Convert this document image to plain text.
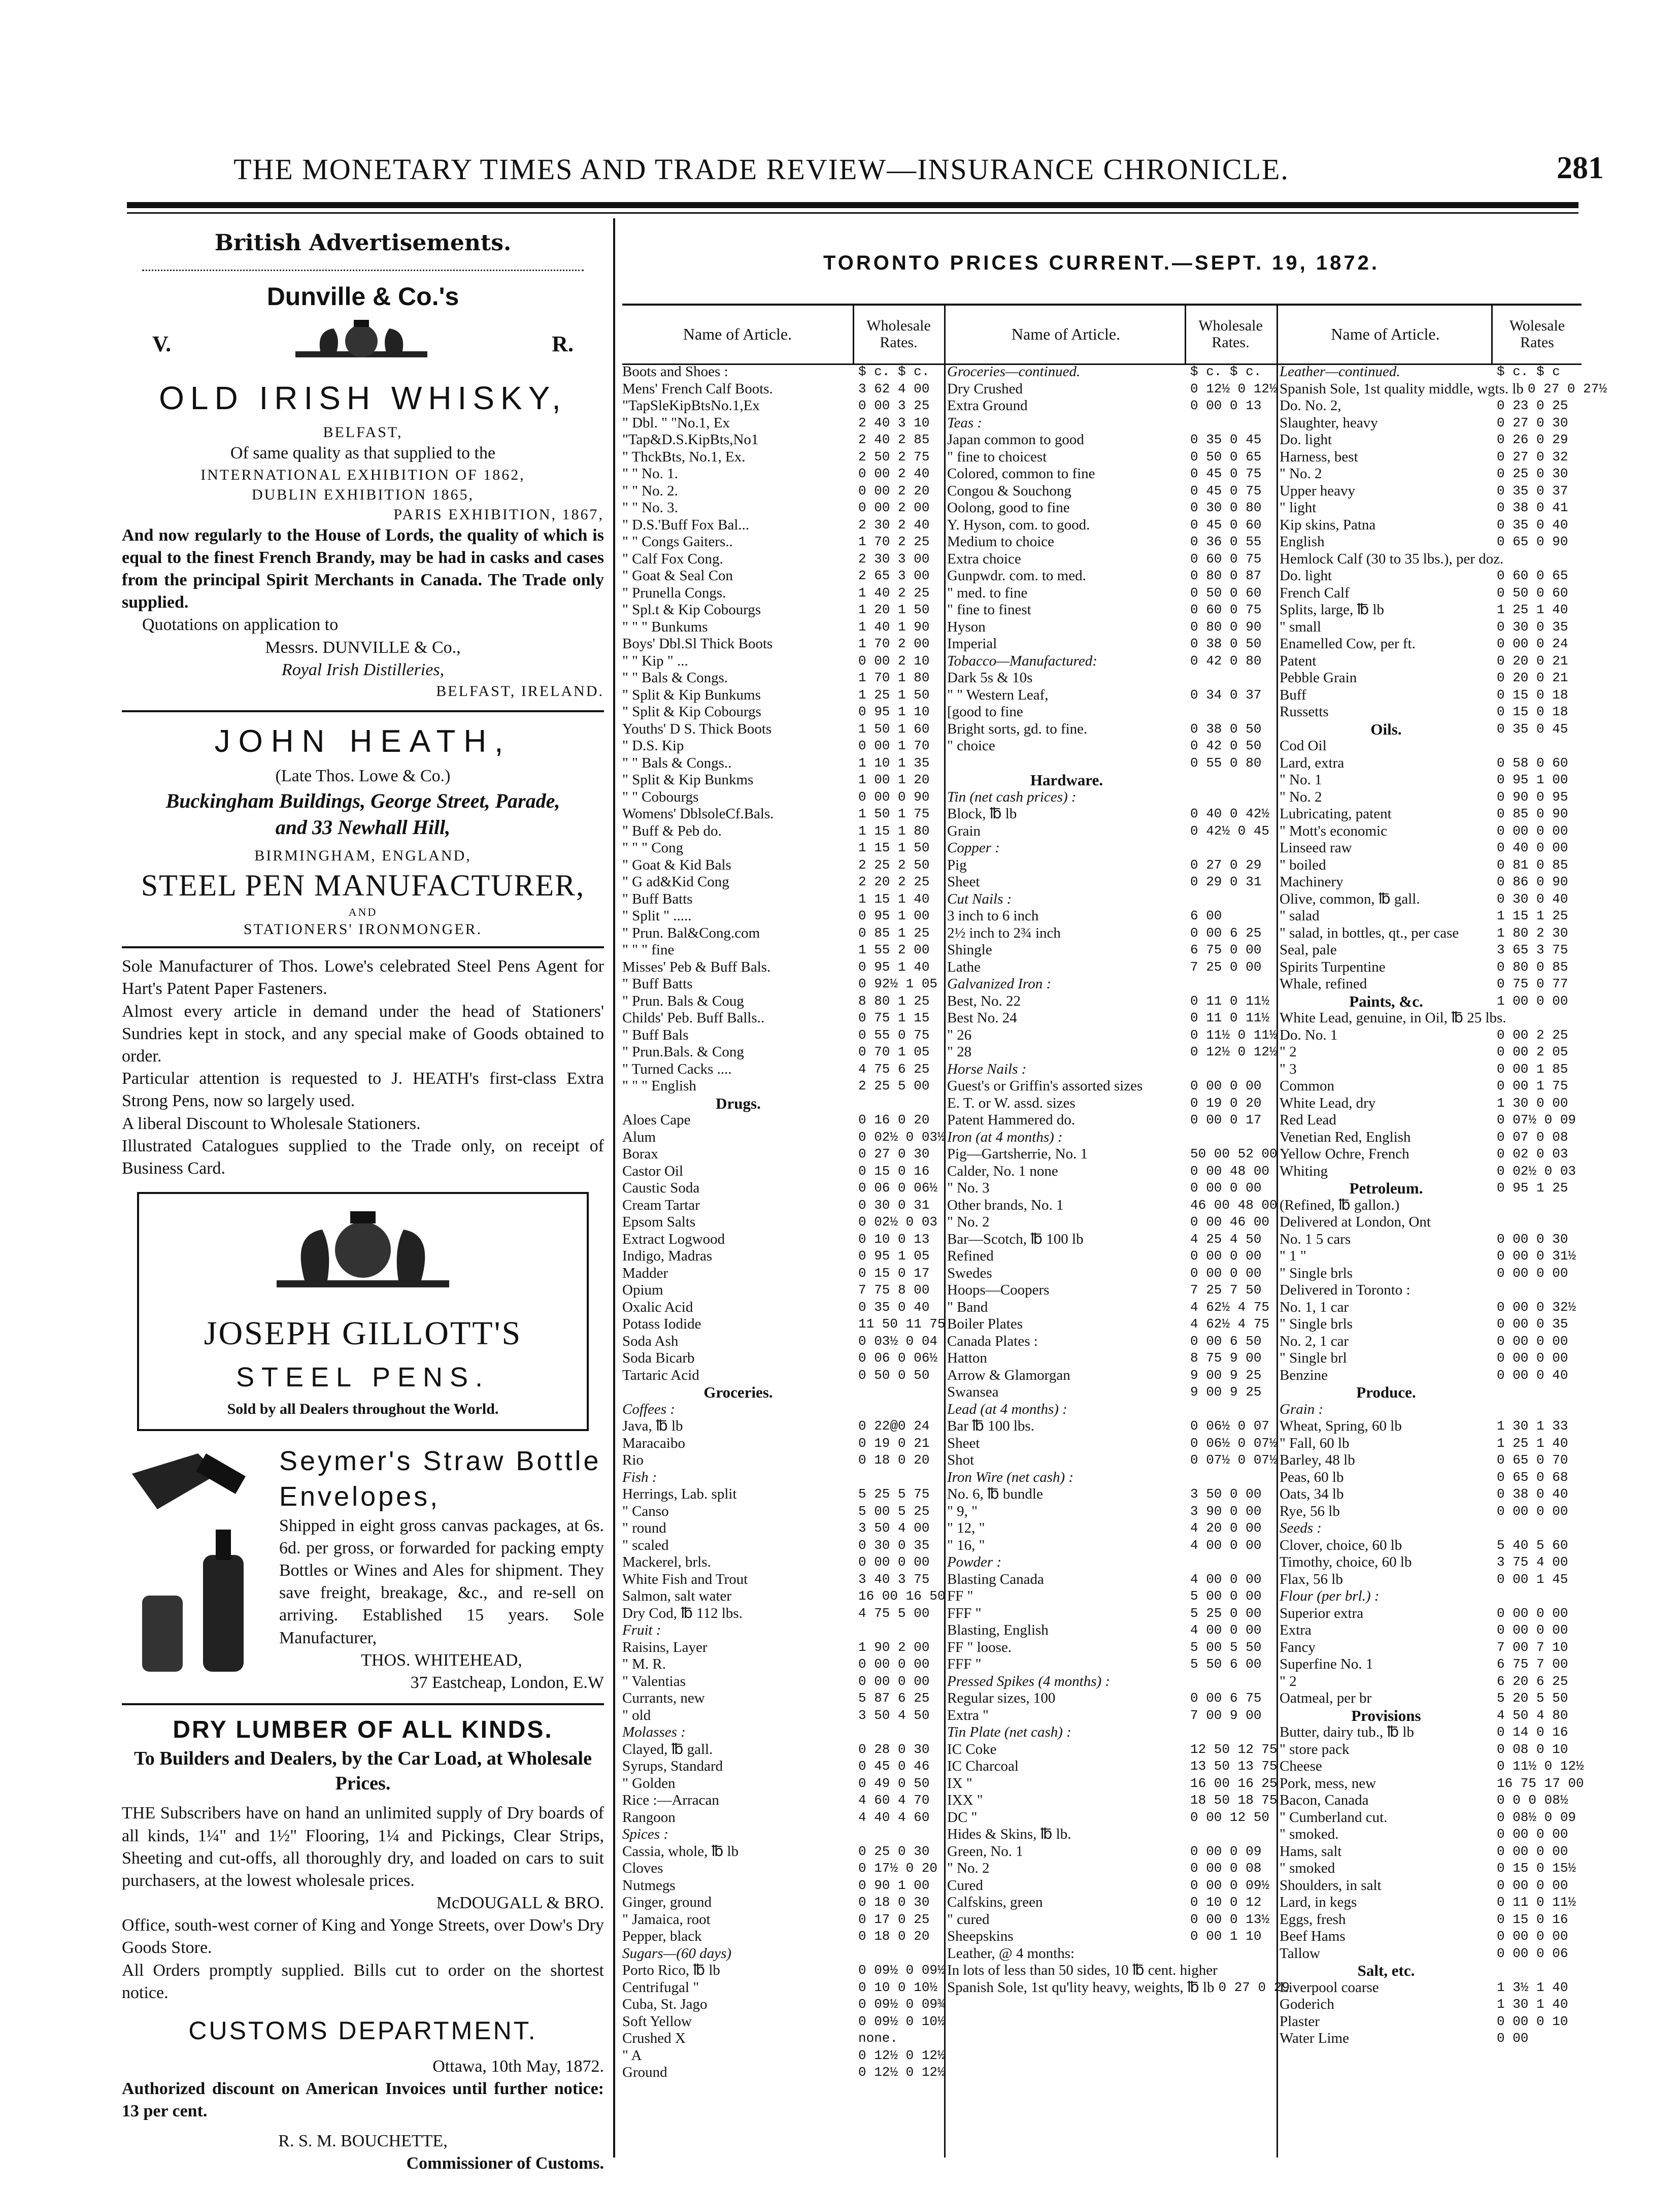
THE MONETARY TIMES AND TRADE REVIEW—INSURANCE CHRONICLE.	281
British Advertisements.
Dunville & Co.'s
V.	R.
OLD IRISH WHISKY,
BELFAST,
Of same quality as that supplied to the
INTERNATIONAL EXHIBITION OF 1862,
DUBLIN EXHIBITION 1865,
PARIS EXHIBITION, 1867,
And now regularly to the House of Lords, the quality of which is equal to the finest French Brandy, may be had in casks and cases from the principal Spirit Merchants in Canada. The Trade only supplied.
Quotations on application to
Messrs. DUNVILLE & Co.,
Royal Irish Distilleries,
BELFAST, IRELAND.
JOHN HEATH,
(Late Thos. Lowe & Co.)
Buckingham Buildings, George Street, Parade,
and 33 Newhall Hill,
BIRMINGHAM, ENGLAND,
STEEL PEN MANUFACTURER,
AND
STATIONERS' IRONMONGER.
Sole Manufacturer of Thos. Lowe's celebrated Steel Pens Agent for Hart's Patent Paper Fasteners.
Almost every article in demand under the head of Stationers' Sundries kept in stock, and any special make of Goods obtained to order.
Particular attention is requested to J. HEATH's first-class Extra Strong Pens, now so largely used.
A liberal Discount to Wholesale Stationers.
Illustrated Catalogues supplied to the Trade only, on receipt of Business Card.
JOSEPH GILLOTT'S
STEEL PENS.
Sold by all Dealers throughout the World.
Seymer's Straw Bottle
Envelopes,
Shipped in eight gross canvas packages, at 6s. 6d. per gross, or forwarded for packing empty Bottles or Wines and Ales for shipment. They save freight, breakage, &c., and re-sell on arriving. Established 15 years. Sole Manufacturer,
THOS. WHITEHEAD,
37 Eastcheap, London, E.W
DRY LUMBER OF ALL KINDS.
To Builders and Dealers, by the Car Load, at Wholesale Prices.
THE Subscribers have on hand an unlimited supply of Dry boards of all kinds, 1¼" and 1½" Flooring, 1¼ and Pickings, Clear Strips, Sheeting and cut-offs, all thoroughly dry, and loaded on cars to suit purchasers, at the lowest wholesale prices.
McDOUGALL & BRO.
Office, south-west corner of King and Yonge Streets, over Dow's Dry Goods Store.
All Orders promptly supplied. Bills cut to order on the shortest notice.
CUSTOMS DEPARTMENT.
Ottawa, 10th May, 1872.
Authorized discount on American Invoices until further notice: 13 per cent.
R. S. M. BOUCHETTE,
Commissioner of Customs.
TORONTO PRICES CURRENT.—SEPT. 19, 1872.
Name of Article.	Wholesale Rates.
Boots and Shoes :	$ c. $ c.
Mens' French Calf Boots.	3 62 4 00
"TapSleKipBtsNo.1,Ex	0 00 3 25
" Dbl. " "No.1, Ex	2 40 3 10
"Tap&D.S.KipBts,No1	2 40 2 85
" ThckBts, No.1, Ex.	2 50 2 75
" " No. 1.	0 00 2 40
" " No. 2.	0 00 2 20
" " No. 3.	0 00 2 00
" D.S.'Buff Fox Bal...	2 30 2 40
" " Congs Gaiters..	1 70 2 25
" Calf Fox Cong.	2 30 3 00
" Goat & Seal Con	2 65 3 00
" Prunella Congs.	1 40 2 25
" Spl.t & Kip Cobourgs	1 20 1 50
" " " Bunkums	1 40 1 90
Boys' Dbl.Sl Thick Boots	1 70 2 00
" " Kip " ...	0 00 2 10
" " Bals & Congs.	1 70 1 80
" Split & Kip Bunkums	1 25 1 50
" Split & Kip Cobourgs	0 95 1 10
Youths' D S. Thick Boots	1 50 1 60
" D.S. Kip	0 00 1 70
" " Bals & Congs..	1 10 1 35
" Split & Kip Bunkms	1 00 1 20
" " Cobourgs	0 00 0 90
Womens' DblsoleCf.Bals.	1 50 1 75
" Buff & Peb do.	1 15 1 80
" " " Cong	1 15 1 50
" Goat & Kid Bals	2 25 2 50
" G ad&Kid Cong	2 20 2 25
" Buff Batts	1 15 1 40
" Split " .....	0 95 1 00
" Prun. Bal&Cong.com	0 85 1 25
" " " fine	1 55 2 00
Misses' Peb & Buff Bals.	0 95 1 40
" Buff Batts	0 92½ 1 05
" Prun. Bals & Coug	8 80 1 25
Childs' Peb. Buff Balls..	0 75 1 15
" Buff Bals	0 55 0 75
" Prun.Bals. & Cong	0 70 1 05
" Turned Cacks ....	4 75 6 25
" " " English	2 25 5 00
Drugs.
Aloes Cape	0 16 0 20
Alum	0 02½ 0 03½
Borax	0 27 0 30
Castor Oil	0 15 0 16
Caustic Soda	0 06 0 06½
Cream Tartar	0 30 0 31
Epsom Salts	0 02½ 0 03
Extract Logwood	0 10 0 13
Indigo, Madras	0 95 1 05
Madder	0 15 0 17
Opium	7 75 8 00
Oxalic Acid	0 35 0 40
Potass Iodide	11 50 11 75
Soda Ash	0 03½ 0 04
Soda Bicarb	0 06 0 06½
Tartaric Acid	0 50 0 50
Groceries.
Coffees :
Java, ℔ lb	0 22@0 24
Maracaibo	0 19 0 21
Rio	0 18 0 20
Fish :
Herrings, Lab. split	5 25 5 75
" Canso	5 00 5 25
" round	3 50 4 00
" scaled	0 30 0 35
Mackerel, brls.	0 00 0 00
White Fish and Trout	3 40 3 75
Salmon, salt water	16 00 16 50
Dry Cod, ℔ 112 lbs.	4 75 5 00
Fruit :
Raisins, Layer	1 90 2 00
" M. R.	0 00 0 00
" Valentias	0 00 0 00
Currants, new	5 87 6 25
" old	3 50 4 50
Molasses :
Clayed, ℔ gall.	0 28 0 30
Syrups, Standard	0 45 0 46
" Golden	0 49 0 50
Rice :—Arracan	4 60 4 70
Rangoon	4 40 4 60
Spices :
Cassia, whole, ℔ lb	0 25 0 30
Cloves	0 17½ 0 20
Nutmegs	0 90 1 00
Ginger, ground	0 18 0 30
" Jamaica, root	0 17 0 25
Pepper, black	0 18 0 20
Sugars—(60 days)
Porto Rico, ℔ lb	0 09½ 0 09½
Centrifugal "	0 10 0 10½
Cuba, St. Jago	0 09½ 0 09¾
Soft Yellow	0 09½ 0 10½
Crushed X	none.
" A	0 12½ 0 12½
Ground	0 12½ 0 12½
Name of Article.	Wholesale Rates.
Groceries—continued.	$ c. $ c.
Dry Crushed	0 12½ 0 12½
Extra Ground	0 00 0 13
Teas :
Japan common to good	0 35 0 45
" fine to choicest	0 50 0 65
Colored, common to fine	0 45 0 75
Congou & Souchong	0 45 0 75
Oolong, good to fine	0 30 0 80
Y. Hyson, com. to good.	0 45 0 60
Medium to choice	0 36 0 55
Extra choice	0 60 0 75
Gunpwdr. com. to med.	0 80 0 87
" med. to fine	0 50 0 60
" fine to finest	0 60 0 75
Hyson	0 80 0 90
Imperial	0 38 0 50
Tobacco—Manufactured:	0 42 0 80
Dark 5s & 10s
" " Western Leaf,	0 34 0 37
[good to fine
Bright sorts, gd. to fine.	0 38 0 50
" choice	0 42 0 50
0 55 0 80
Hardware.
Tin (net cash prices) :
Block, ℔ lb	0 40 0 42½
Grain	0 42½ 0 45
Copper :
Pig	0 27 0 29
Sheet	0 29 0 31
Cut Nails :
3 inch to 6 inch	6 00
2½ inch to 2¾ inch	0 00 6 25
Shingle	6 75 0 00
Lathe	7 25 0 00
Galvanized Iron :
Best, No. 22	0 11 0 11½
Best No. 24	0 11 0 11½
" 26	0 11½ 0 11½
" 28	0 12½ 0 12½
Horse Nails :
Guest's or Griffin's assorted sizes	0 00 0 00
E. T. or W. assd. sizes	0 19 0 20
Patent Hammered do.	0 00 0 17
Iron (at 4 months) :
Pig—Gartsherrie, No. 1	50 00 52 00
Calder, No. 1 none	0 00 48 00
" No. 3	0 00 0 00
Other brands, No. 1	46 00 48 00
" No. 2	0 00 46 00
Bar—Scotch, ℔ 100 lb	4 25 4 50
Refined	0 00 0 00
Swedes	0 00 0 00
Hoops—Coopers	7 25 7 50
" Band	4 62½ 4 75
Boiler Plates	4 62½ 4 75
Canada Plates :	0 00 6 50
Hatton	8 75 9 00
Arrow & Glamorgan	9 00 9 25
Swansea	9 00 9 25
Lead (at 4 months) :
Bar ℔ 100 lbs.	0 06½ 0 07
Sheet	0 06½ 0 07½
Shot	0 07½ 0 07½
Iron Wire (net cash) :
No. 6, ℔ bundle	3 50 0 00
" 9, "	3 90 0 00
" 12, "	4 20 0 00
" 16, "	4 00 0 00
Powder :
Blasting Canada	4 00 0 00
FF "	5 00 0 00
FFF "	5 25 0 00
Blasting, English	4 00 0 00
FF " loose.	5 00 5 50
FFF "	5 50 6 00
Pressed Spikes (4 months) :
Regular sizes, 100	0 00 6 75
Extra "	7 00 9 00
Tin Plate (net cash) :
IC Coke	12 50 12 75
IC Charcoal	13 50 13 75
IX "	16 00 16 25
IXX "	18 50 18 75
DC "	0 00 12 50
Hides & Skins, ℔ lb.
Green, No. 1	0 00 0 09
" No. 2	0 00 0 08
Cured	0 00 0 09½
Calfskins, green	0 10 0 12
" cured	0 00 0 13½
Sheepskins	0 00 1 10
Leather, @ 4 months:
In lots of less than 50 sides, 10 ℔ cent. higher
Spanish Sole, 1st qu'lity heavy, weights, ℔ lb 0 27 0 29
Name of Article.	Wolesale Rates
Leather—continued.	$ c. $ c
Spanish Sole, 1st quality middle, wgts. lb 0 27 0 27½
Do. No. 2,	0 23 0 25
Slaughter, heavy	0 27 0 30
Do. light	0 26 0 29
Harness, best	0 27 0 32
" No. 2	0 25 0 30
Upper heavy	0 35 0 37
" light	0 38 0 41
Kip skins, Patna	0 35 0 40
English	0 65 0 90
Hemlock Calf (30 to 35 lbs.), per doz.
Do. light	0 60 0 65
French Calf	0 50 0 60
Splits, large, ℔ lb	1 25 1 40
" small	0 30 0 35
Enamelled Cow, per ft.	0 00 0 24
Patent	0 20 0 21
Pebble Grain	0 20 0 21
Buff	0 15 0 18
Russetts	0 15 0 18
Oils.	0 35 0 45
Cod Oil
Lard, extra	0 58 0 60
" No. 1	0 95 1 00
" No. 2	0 90 0 95
Lubricating, patent	0 85 0 90
" Mott's economic	0 00 0 00
Linseed raw	0 40 0 00
" boiled	0 81 0 85
Machinery	0 86 0 90
Olive, common, ℔ gall.	0 30 0 40
" salad	1 15 1 25
" salad, in bottles, qt., per case	1 80 2 30
Seal, pale	3 65 3 75
Spirits Turpentine	0 80 0 85
Whale, refined	0 75 0 77
Paints, &c.	1 00 0 00
White Lead, genuine, in Oil, ℔ 25 lbs.
Do. No. 1	0 00 2 25
" 2	0 00 2 05
" 3	0 00 1 85
Common	0 00 1 75
White Lead, dry	1 30 0 00
Red Lead	0 07½ 0 09
Venetian Red, English	0 07 0 08
Yellow Ochre, French	0 02 0 03
Whiting	0 02½ 0 03
Petroleum.	0 95 1 25
(Refined, ℔ gallon.)
Delivered at London, Ont
No. 1 5 cars	0 00 0 30
" 1 "	0 00 0 31½
" Single brls	0 00 0 00
Delivered in Toronto :
No. 1, 1 car	0 00 0 32½
" Single brls	0 00 0 35
No. 2, 1 car	0 00 0 00
" Single brl	0 00 0 00
Benzine	0 00 0 40
Produce.
Grain :
Wheat, Spring, 60 lb	1 30 1 33
" Fall, 60 lb	1 25 1 40
Barley, 48 lb	0 65 0 70
Peas, 60 lb	0 65 0 68
Oats, 34 lb	0 38 0 40
Rye, 56 lb	0 00 0 00
Seeds :
Clover, choice, 60 lb	5 40 5 60
Timothy, choice, 60 lb	3 75 4 00
Flax, 56 lb	0 00 1 45
Flour (per brl.) :
Superior extra	0 00 0 00
Extra	0 00 0 00
Fancy	7 00 7 10
Superfine No. 1	6 75 7 00
" 2	6 20 6 25
Oatmeal, per br	5 20 5 50
Provisions	4 50 4 80
Butter, dairy tub., ℔ lb	0 14 0 16
" store pack	0 08 0 10
Cheese	0 11½ 0 12½
Pork, mess, new	16 75 17 00
Bacon, Canada	0 0 0 08½
" Cumberland cut.	0 08½ 0 09
" smoked.	0 00 0 00
Hams, salt	0 00 0 00
" smoked	0 15 0 15½
Shoulders, in salt	0 00 0 00
Lard, in kegs	0 11 0 11½
Eggs, fresh	0 15 0 16
Beef Hams	0 00 0 00
Tallow	0 00 0 06
Salt, etc.
Liverpool coarse	1 3½ 1 40
Goderich	1 30 1 40
Plaster	0 00 0 10
Water Lime	0 00
